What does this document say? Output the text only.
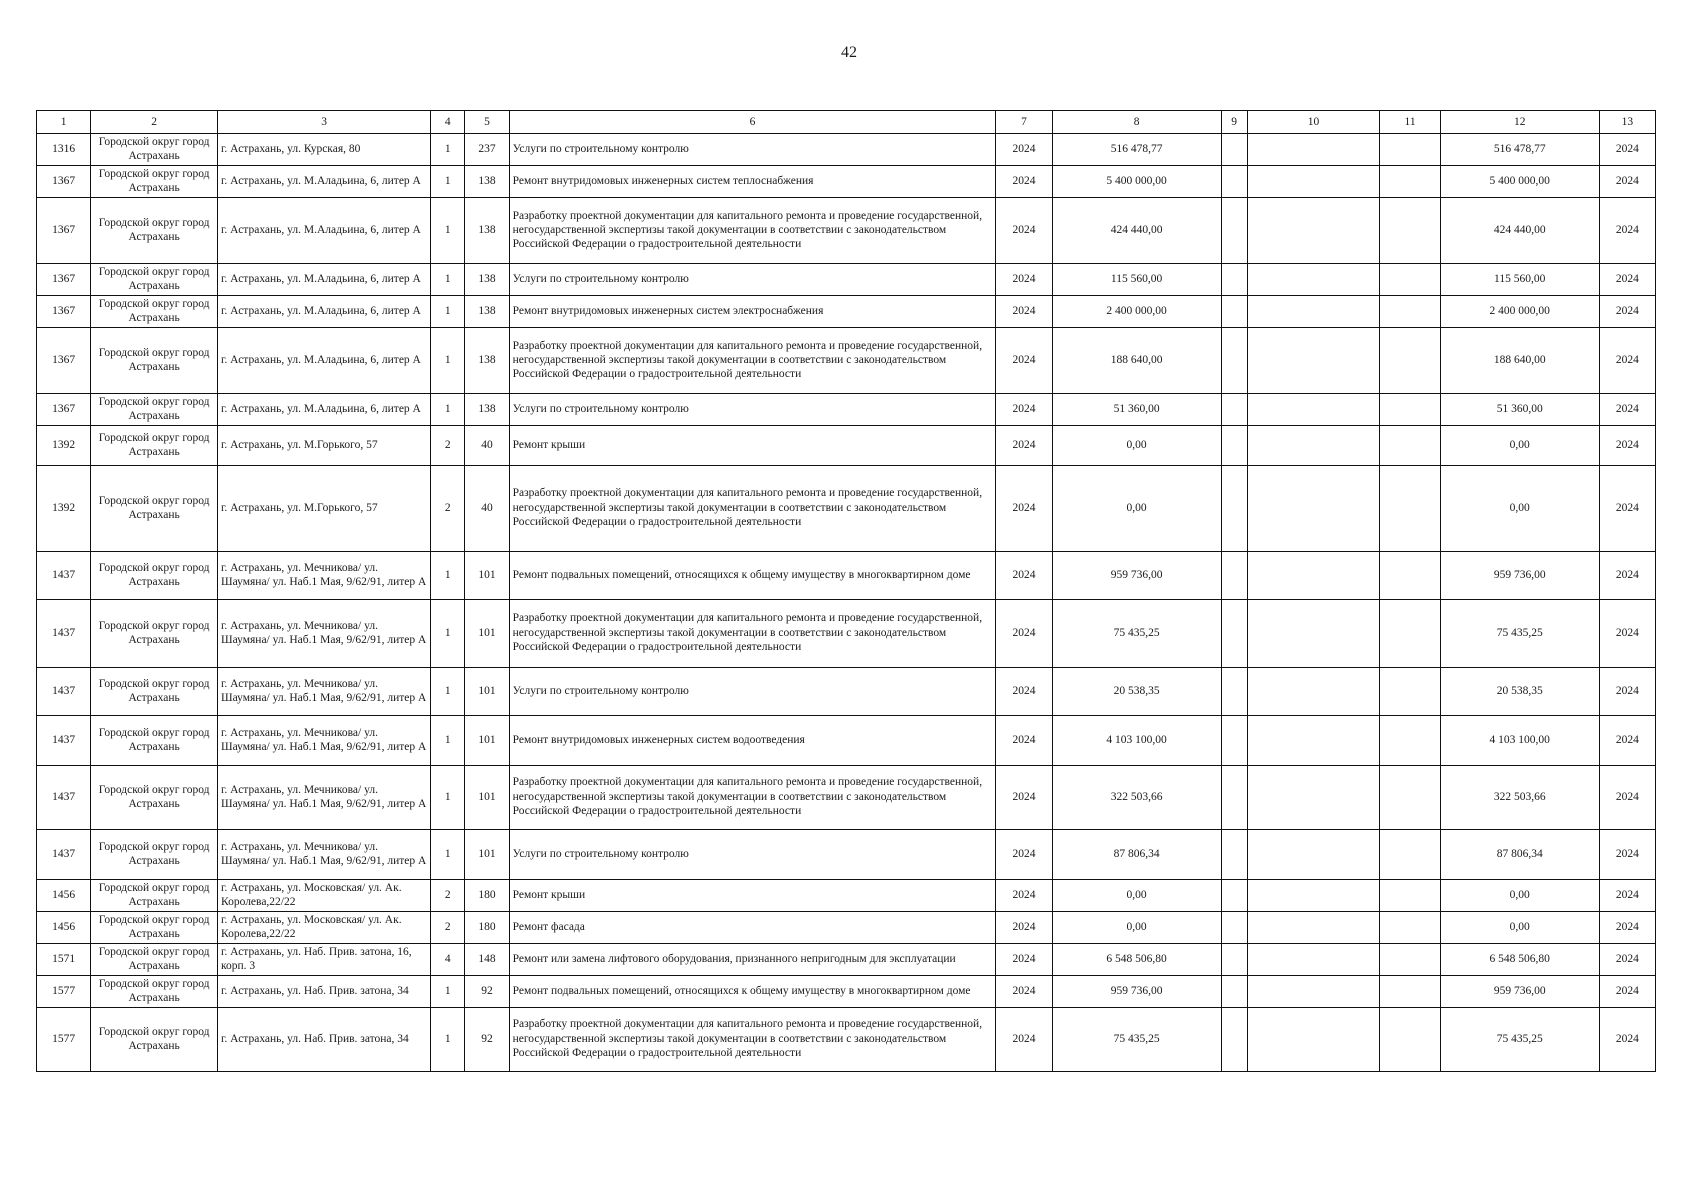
42
1	2	3	4	5	6	7	8	9	10	11	12	13
1316	Городской округ город Астрахань	г. Астрахань, ул. Курская, 80	1	237	Услуги по строительному контролю	2024	516 478,77				516 478,77	2024
1367	Городской округ город Астрахань	г. Астрахань, ул. М.Аладьина, 6, литер А	1	138	Ремонт внутридомовых инженерных систем теплоснабжения	2024	5 400 000,00				5 400 000,00	2024
1367	Городской округ город Астрахань	г. Астрахань, ул. М.Аладьина, 6, литер А	1	138	Разработку проектной документации для капитального ремонта и проведение государственной, негосударственной экспертизы такой документации в соответствии с законодательством Российской Федерации о градостроительной деятельности	2024	424 440,00				424 440,00	2024
1367	Городской округ город Астрахань	г. Астрахань, ул. М.Аладьина, 6, литер А	1	138	Услуги по строительному контролю	2024	115 560,00				115 560,00	2024
1367	Городской округ город Астрахань	г. Астрахань, ул. М.Аладьина, 6, литер А	1	138	Ремонт внутридомовых инженерных систем электроснабжения	2024	2 400 000,00				2 400 000,00	2024
1367	Городской округ город Астрахань	г. Астрахань, ул. М.Аладьина, 6, литер А	1	138	Разработку проектной документации для капитального ремонта и проведение государственной, негосударственной экспертизы такой документации в соответствии с законодательством Российской Федерации о градостроительной деятельности	2024	188 640,00				188 640,00	2024
1367	Городской округ город Астрахань	г. Астрахань, ул. М.Аладьина, 6, литер А	1	138	Услуги по строительному контролю	2024	51 360,00				51 360,00	2024
1392	Городской округ город Астрахань	г. Астрахань, ул. М.Горького, 57	2	40	Ремонт крыши	2024	0,00				0,00	2024
1392	Городской округ город Астрахань	г. Астрахань, ул. М.Горького, 57	2	40	Разработку проектной документации для капитального ремонта и проведение государственной, негосударственной экспертизы такой документации в соответствии с законодательством Российской Федерации о градостроительной деятельности	2024	0,00				0,00	2024
1437	Городской округ город Астрахань	г. Астрахань, ул. Мечникова/ ул. Шаумяна/ ул. Наб.1 Мая, 9/62/91, литер А	1	101	Ремонт подвальных помещений, относящихся к общему имуществу в многоквартирном доме	2024	959 736,00				959 736,00	2024
1437	Городской округ город Астрахань	г. Астрахань, ул. Мечникова/ ул. Шаумяна/ ул. Наб.1 Мая, 9/62/91, литер А	1	101	Разработку проектной документации для капитального ремонта и проведение государственной, негосударственной экспертизы такой документации в соответствии с законодательством Российской Федерации о градостроительной деятельности	2024	75 435,25				75 435,25	2024
1437	Городской округ город Астрахань	г. Астрахань, ул. Мечникова/ ул. Шаумяна/ ул. Наб.1 Мая, 9/62/91, литер А	1	101	Услуги по строительному контролю	2024	20 538,35				20 538,35	2024
1437	Городской округ город Астрахань	г. Астрахань, ул. Мечникова/ ул. Шаумяна/ ул. Наб.1 Мая, 9/62/91, литер А	1	101	Ремонт внутридомовых инженерных систем водоотведения	2024	4 103 100,00				4 103 100,00	2024
1437	Городской округ город Астрахань	г. Астрахань, ул. Мечникова/ ул. Шаумяна/ ул. Наб.1 Мая, 9/62/91, литер А	1	101	Разработку проектной документации для капитального ремонта и проведение государственной, негосударственной экспертизы такой документации в соответствии с законодательством Российской Федерации о градостроительной деятельности	2024	322 503,66				322 503,66	2024
1437	Городской округ город Астрахань	г. Астрахань, ул. Мечникова/ ул. Шаумяна/ ул. Наб.1 Мая, 9/62/91, литер А	1	101	Услуги по строительному контролю	2024	87 806,34				87 806,34	2024
1456	Городской округ город Астрахань	г. Астрахань, ул. Московская/ ул. Ак. Королева,22/22	2	180	Ремонт крыши	2024	0,00				0,00	2024
1456	Городской округ город Астрахань	г. Астрахань, ул. Московская/ ул. Ак. Королева,22/22	2	180	Ремонт фасада	2024	0,00				0,00	2024
1571	Городской округ город Астрахань	г. Астрахань, ул. Наб. Прив. затона, 16, корп. 3	4	148	Ремонт или замена лифтового оборудования, признанного непригодным для эксплуатации	2024	6 548 506,80				6 548 506,80	2024
1577	Городской округ город Астрахань	г. Астрахань, ул. Наб. Прив. затона, 34	1	92	Ремонт подвальных помещений, относящихся к общему имуществу в многоквартирном доме	2024	959 736,00				959 736,00	2024
1577	Городской округ город Астрахань	г. Астрахань, ул. Наб. Прив. затона, 34	1	92	Разработку проектной документации для капитального ремонта и проведение государственной, негосударственной экспертизы такой документации в соответствии с законодательством Российской Федерации о градостроительной деятельности	2024	75 435,25				75 435,25	2024
